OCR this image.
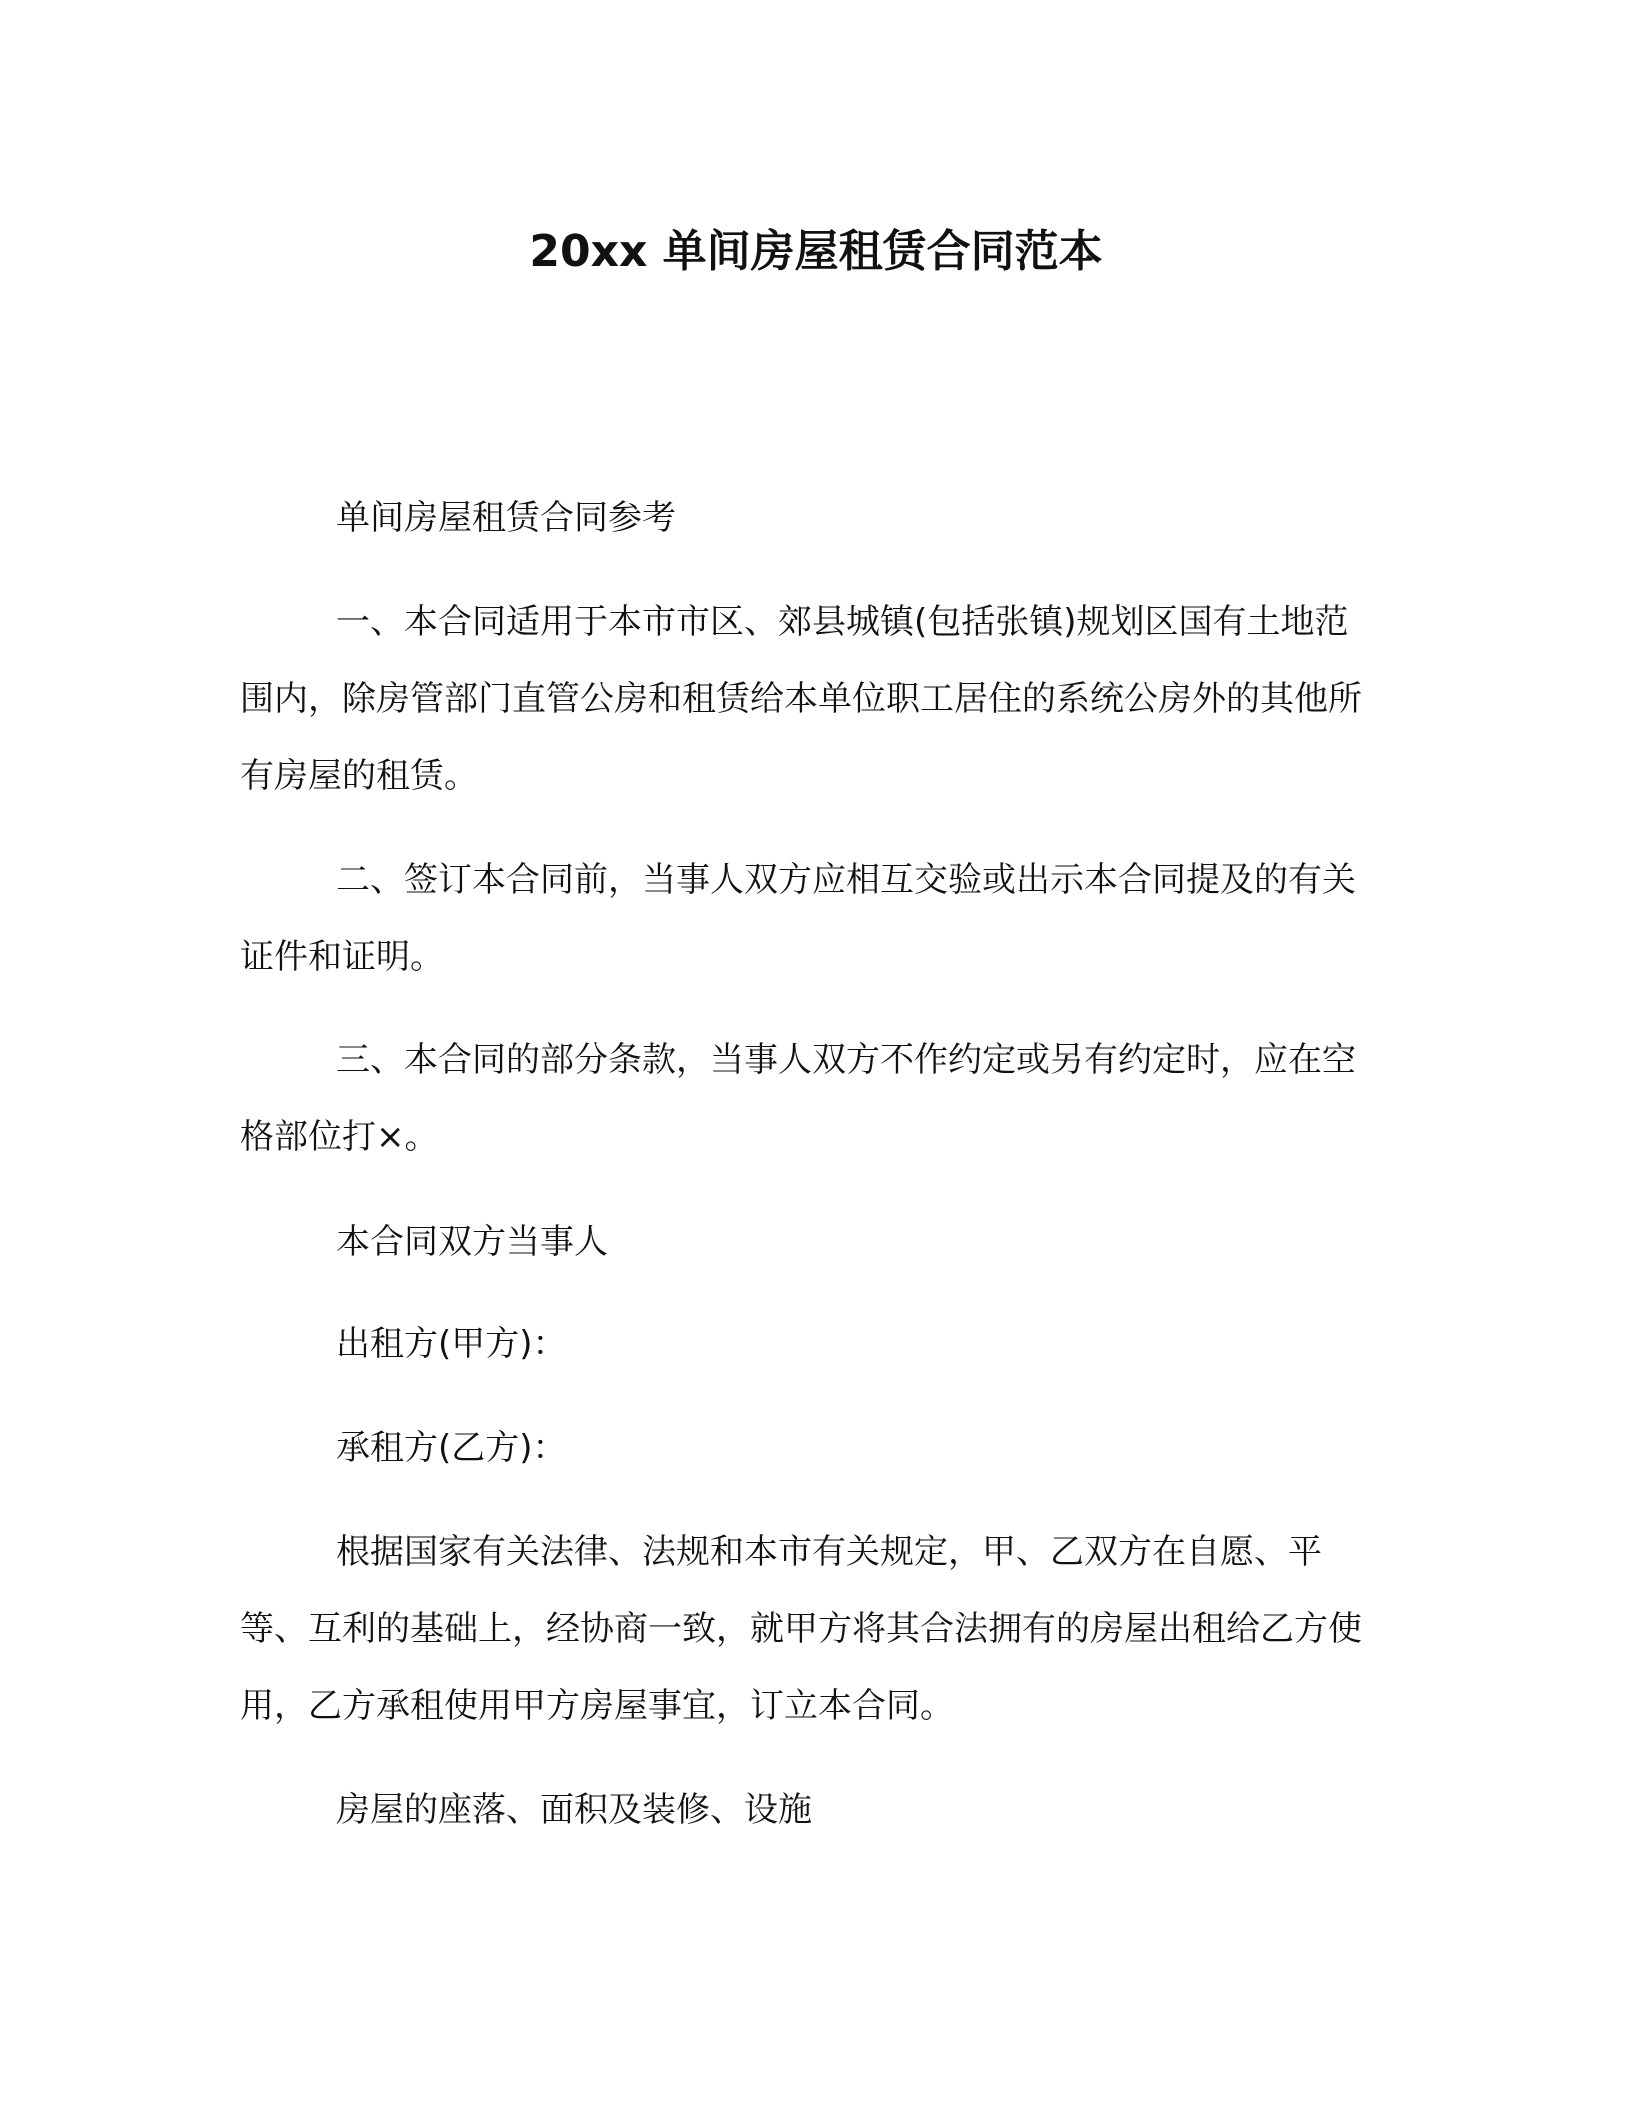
20xx 单间房屋租赁合同范本

单间房屋租赁合同参考

一、本合同适用于本市市区、郊县城镇(包括张镇)规划区国有土地范围内，除房管部门直管公房和租赁给本单位职工居住的系统公房外的其他所有房屋的租赁。

二、签订本合同前，当事人双方应相互交验或出示本合同提及的有关证件和证明。

三、本合同的部分条款，当事人双方不作约定或另有约定时，应在空格部位打×。

本合同双方当事人

出租方(甲方)：

承租方(乙方)：

根据国家有关法律、法规和本市有关规定，甲、乙双方在自愿、平等、互利的基础上，经协商一致，就甲方将其合法拥有的房屋出租给乙方使用，乙方承租使用甲方房屋事宜，订立本合同。

房屋的座落、面积及装修、设施
